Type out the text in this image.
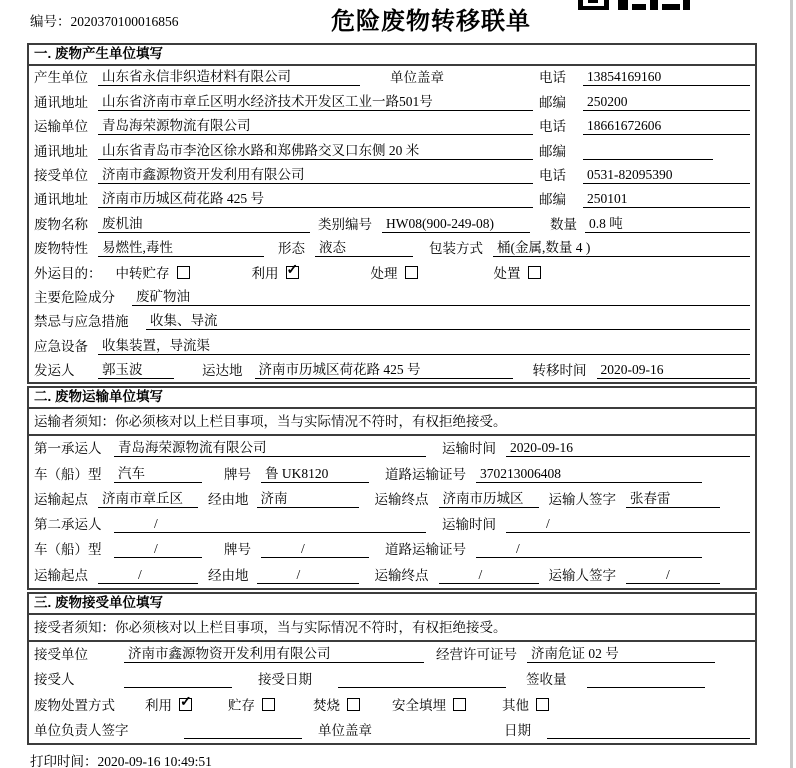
编号：2020370100016856	危险废物转移联单
一. 废物产生单位填写
产生单位	山东省永信非织造材料有限公司	单位盖章	电话	13854169160
通讯地址	山东省济南市章丘区明水经济技术开发区工业一路501号	邮编	250200
运输单位	青岛海荣源物流有限公司	电话	18661672606
通讯地址	山东省青岛市李沧区徐水路和郑佛路交叉口东侧 20 米	邮编
接受单位	济南市鑫源物资开发利用有限公司	电话	0531-82095390
通讯地址	济南市历城区荷花路 425 号	邮编	250101
废物名称	废机油	类别编号 HW08(900-249-08)	数量 0.8 吨
废物特性	易燃性,毒性	形态 液态	包装方式 桶(金属,数量 4 )
外运目的： 中转贮存	利用 ✓	处理	处置
主要危险成分	废矿物油
禁忌与应急措施	收集、导流
应急设备	收集装置，导流渠
发运人	郭玉波	运达地 济南市历城区荷花路 425 号	转移时间 2020-09-16
二. 废物运输单位填写
运输者须知：你必须核对以上栏目事项，当与实际情况不符时，有权拒绝接受。
第一承运人	青岛海荣源物流有限公司	运输时间 2020-09-16
车（船）型	汽车	牌号 鲁 UK8120	道路运输证号 370213006408
运输起点	济南市章丘区	经由地 济南	运输终点 济南市历城区	运输人签字 张春雷
第二承运人	/	运输时间	/
车（船）型	/	牌号	/	道路运输证号	/
运输起点	/	经由地	/	运输终点	/	运输人签字	/
三. 废物接受单位填写
接受者须知：你必须核对以上栏目事项，当与实际情况不符时，有权拒绝接受。
接受单位	济南市鑫源物资开发利用有限公司	经营许可证号 济南危证 02 号
接受人	接受日期	签收量
废物处置方式 利用 ✓	贮存	焚烧	安全填埋	其他
单位负责人签字	单位盖章	日期
打印时间：2020-09-16 10:49:51
